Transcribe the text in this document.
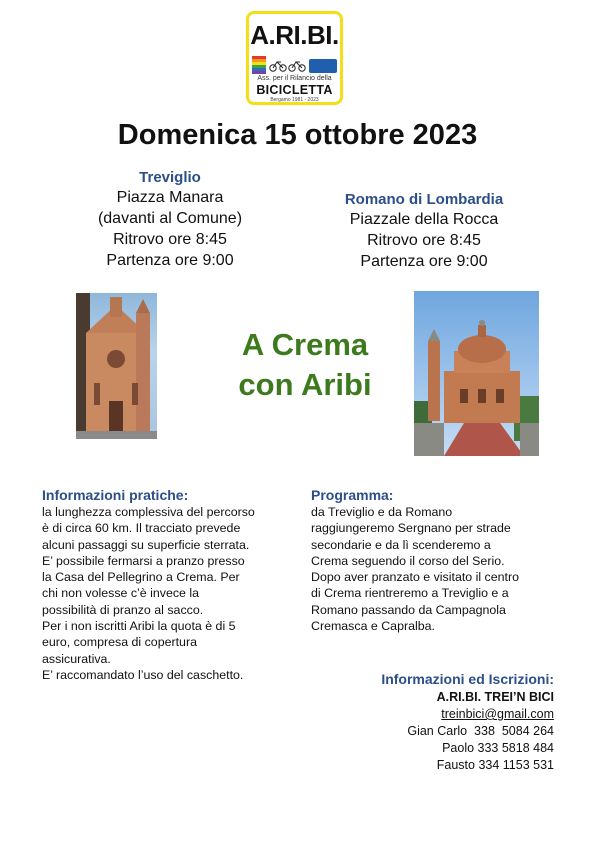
A.RI.BI.
Ass. per il Rilancio della
BICICLETTA
Bergamo 1981 - 2023
Domenica 15 ottobre 2023
Treviglio
Piazza Manara
(davanti al Comune)
Ritrovo ore 8:45
Partenza ore 9:00
Romano di Lombardia
Piazzale della Rocca
Ritrovo ore 8:45
Partenza ore 9:00
A Crema
con Aribi
Informazioni pratiche:
la lunghezza complessiva del percorso
è di circa 60 km. Il tracciato prevede
alcuni passaggi su superficie sterrata.
E’ possibile fermarsi a pranzo presso
la Casa del Pellegrino a Crema. Per
chi non volesse c’è invece la
possibilità di pranzo al sacco.
Per i non iscritti Aribi la quota è di 5
euro, compresa di copertura
assicurativa.
E’ raccomandato l’uso del caschetto.
Programma:
da Treviglio e da Romano
raggiungeremo Sergnano per strade
secondarie e da lì scenderemo a
Crema seguendo il corso del Serio.
Dopo aver pranzato e visitato il centro
di Crema rientreremo a Treviglio e a
Romano passando da Campagnola
Cremasca e Capralba.
Informazioni ed Iscrizioni:
A.RI.BI. TREI’N BICI
treinbici@gmail.com
Gian Carlo  338  5084 264
Paolo 333 5818 484
Fausto 334 1153 531
